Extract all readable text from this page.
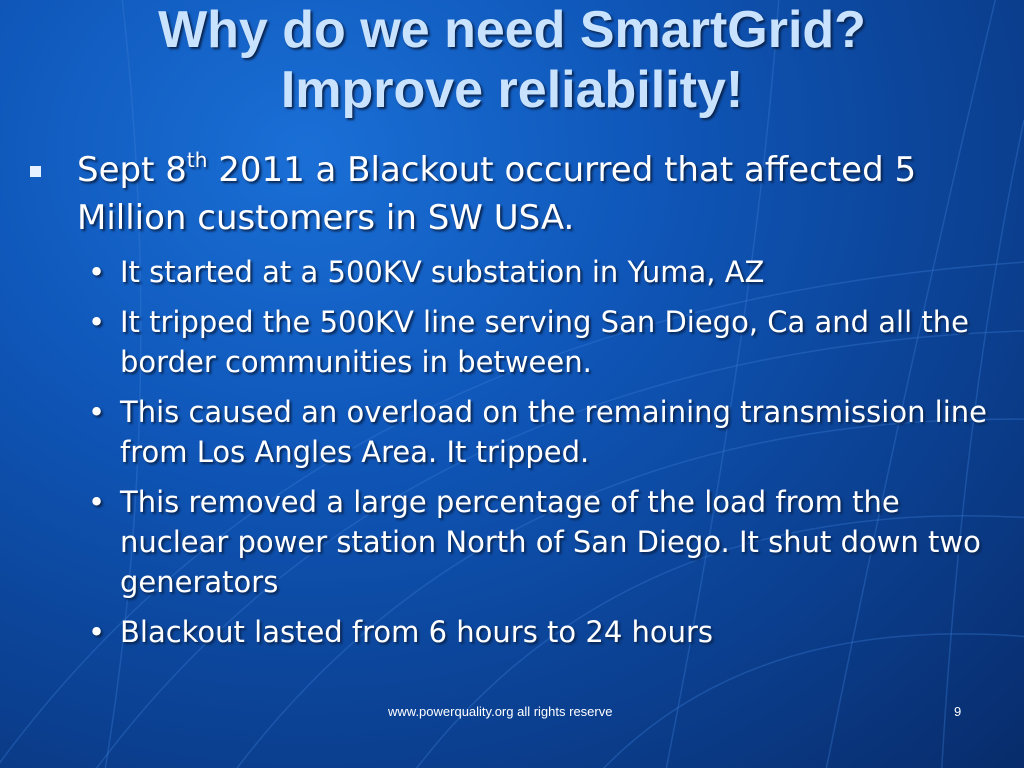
Why do we need SmartGrid?
Improve reliability!
Sept 8th 2011 a Blackout occurred that affected 5 Million customers in SW USA.
• It started at a 500KV substation in Yuma, AZ
• It tripped the 500KV line serving San Diego, Ca and all the border communities in between.
• This caused an overload on the remaining transmission line from Los Angles Area. It tripped.
• This removed a large percentage of the load from the nuclear power station North of San Diego. It shut down two generators
• Blackout lasted from 6 hours to 24 hours
www.powerquality.org all rights reserve	9
